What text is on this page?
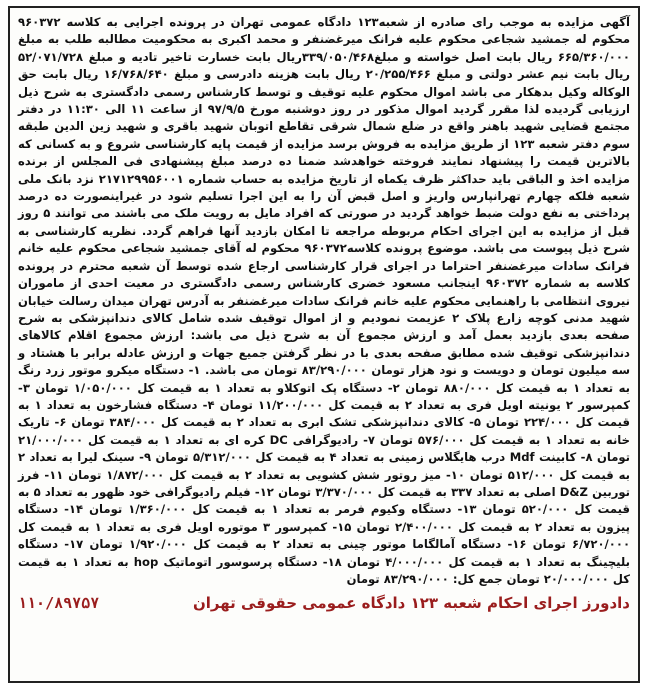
آگهی مزایده به موجب رای صادره از شعبه۱۲۳ دادگاه عمومی تهران در پرونده اجرایی به کلاسه ۹۶۰۳۷۲ محکوم له جمشید شجاعی محکوم علیه فرانک میرغضنفر و محمد اکبری به محکومیت مطالبه طلب به مبلغ ۶۶۵/۳۶۰/۰۰۰ ریال بابت اصل خواسته و مبلغ۳۳۹/۰۵۰/۴۶۸ریال بابت خسارت تاخیر تادیه و مبلغ ۵۲/۰۷۱/۷۲۸ ریال بابت نیم عشر دولتی و مبلغ ۲۰/۲۵۵/۴۶۶ ریال بابت هزینه دادرسی و مبلغ ۱۶/۷۶۸/۶۴۰ ریال بابت حق الوکاله وکیل بدهکار می باشد اموال محکوم علیه توقیف و توسط کارشناس رسمی دادگستری به شرح ذیل ارزیابی گردیده لذا مقرر گردید اموال مذکور در روز دوشنبه مورخ ۹۷/۹/۵ از ساعت ۱۱ الی ۱۱:۳۰ در دفتر مجتمع قضایی شهید باهنر واقع در ضلع شمال شرقی تقاطع اتوبان شهید باقری و شهید زین الدین طبقه سوم دفتر شعبه ۱۲۳ از طریق مزایده به فروش برسد مزایده از قیمت پایه کارشناسی شروع و به کسانی که بالاترین قیمت را پیشنهاد نمایند فروخته خواهدشد ضمنا ده درصد مبلغ پیشنهادی فی المجلس از برنده مزایده اخذ و الباقی باید حداکثر ظرف یکماه از تاریخ مزایده به حساب شماره ۲۱۷۱۲۹۹۵۶۰۰۱ نزد بانک ملی شعبه فلکه چهارم تهرانپارس واریز و اصل قبض آن را به این اجرا تسلیم شود در غیراینصورت ده درصد پرداختی به نفع دولت ضبط خواهد گردید در صورتی که افراد مایل به رویت ملک می باشند می توانند ۵ روز قبل از مزایده به این اجرای احکام مربوطه مراجعه تا امکان بازدید آنها فراهم گردد. نظریه کارشناسی به شرح ذیل پیوست می باشد. موضوع پرونده کلاسه۹۶۰۳۷۲ محکوم له آقای جمشید شجاعی محکوم علیه خانم فرانک سادات میرغضنفر احتراما در اجرای قرار کارشناسی ارجاع شده توسط آن شعبه محترم در پرونده کلاسه به شماره ۹۶۰۳۷۲ اینجانب مسعود خضری کارشناس رسمی دادگستری در معیت احدی از ماموران نیروی انتظامی با راهنمایی محکوم علیه خانم فرانک سادات میرغضنفر به آدرس تهران میدان رسالت خیابان شهید مدنی کوچه زارع پلاک ۲ عزیمت نمودیم و از اموال توقیف شده شامل کالای دندانپزشکی به شرح صفحه بعدی بازدید بعمل آمد و ارزش مجموع آن به شرح ذیل می باشد: ارزش مجموع اقلام کالاهای دندانپزشکی توقیف شده مطابق صفحه بعدی با در نظر گرفتن جمیع جهات و ارزش عادله برابر با هشتاد و سه میلیون تومان و دویست و نود هزار تومان ۸۳/۲۹۰/۰۰۰ تومان می باشد. ۱- دستگاه میکرو موتور زرد رنگ به تعداد ۱ به قیمت کل ۸۸۰/۰۰۰ تومان ۲- دستگاه پک اتوکلاو به تعداد ۱ به قیمت کل ۱/۰۵۰/۰۰۰ تومان ۳- کمپرسور ۲ یونیته اویل فری به تعداد ۲ به قیمت کل ۱۱/۲۰۰/۰۰۰ تومان ۴- دستگاه فشارخون به تعداد ۱ به قیمت کل ۲۲۴/۰۰۰ تومان ۵- کالای دندانپزشکی تشک ابری به تعداد ۲ به قیمت کل ۳۸۴/۰۰۰ تومان ۶- تاریک خانه به تعداد ۱ به قیمت کل ۵۷۶/۰۰۰ تومان ۷- رادیوگرافی DC کره ای به تعداد ۱ به قیمت کل ۲۱/۰۰۰/۰۰۰ تومان ۸- کابینت Mdf درب هایگلاس زمینی به تعداد ۴ به قیمت کل ۵/۳۱۲/۰۰۰ تومان ۹- سینک لیرا به تعداد ۲ به قیمت کل ۵۱۲/۰۰۰ تومان ۱۰- میز روتور شش کشویی به تعداد ۲ به قیمت کل ۱/۸۷۲/۰۰۰ تومان ۱۱- فرز توربین D&Z اصلی به تعداد ۳۳۷ به قیمت کل ۳/۳۷۰/۰۰۰ تومان ۱۲- فیلم رادیوگرافی خود ظهور به تعداد ۵ به قیمت کل ۵۲۰/۰۰۰ تومان ۱۳- دستگاه وکیوم فرمر به تعداد ۱ به قیمت کل ۱/۳۶۰/۰۰۰ تومان ۱۴- دستگاه پیزون به تعداد ۲ به قیمت کل ۲/۴۰۰/۰۰۰ تومان ۱۵- کمپرسور ۳ موتوره اویل فری به تعداد ۱ به قیمت کل ۶/۷۲۰/۰۰۰ تومان ۱۶- دستگاه آمالگاما موتور چینی به تعداد ۲ به قیمت کل ۱/۹۲۰/۰۰۰ تومان ۱۷- دستگاه بلیچینگ به تعداد ۱ به قیمت کل ۴/۰۰۰/۰۰۰ تومان ۱۸- دستگاه پرسوسور اتوماتیک hop به تعداد ۱ به قیمت کل ۲۰/۰۰۰/۰۰۰ تومان جمع کل: ۸۳/۲۹۰/۰۰۰ تومان

دادورز اجرای احکام شعبه ۱۲۳ دادگاه عمومی حقوقی تهران
۱۱۰/۸۹۷۵۷
